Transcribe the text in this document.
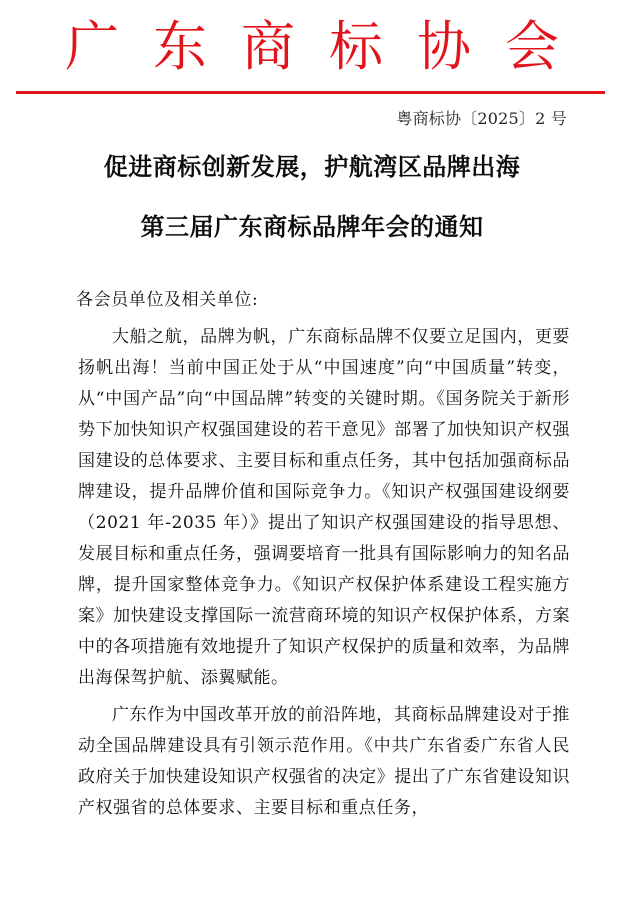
广 东 商 标 协 会
粤商标协〔2025〕2 号
促进商标创新发展，护航湾区品牌出海
第三届广东商标品牌年会的通知
各会员单位及相关单位:

大船之航，品牌为帆，广东商标品牌不仅要立足国内，更要扬帆出海！当前中国正处于从“中国速度”向“中国质量”转变，从“中国产品”向“中国品牌”转变的关键时期。《国务院关于新形势下加快知识产权强国建设的若干意见》部署了加快知识产权强国建设的总体要求、主要目标和重点任务，其中包括加强商标品牌建设，提升品牌价值和国际竞争力。《知识产权强国建设纲要（2021 年-2035 年）》提出了知识产权强国建设的指导思想、发展目标和重点任务，强调要培育一批具有国际影响力的知名品牌，提升国家整体竞争力。《知识产权保护体系建设工程实施方案》加快建设支撑国际一流营商环境的知识产权保护体系，方案中的各项措施有效地提升了知识产权保护的质量和效率，为品牌出海保驾护航、添翼赋能。

广东作为中国改革开放的前沿阵地，其商标品牌建设对于推动全国品牌建设具有引领示范作用。《中共广东省委广东省人民政府关于加快建设知识产权强省的决定》提出了广东省建设知识产权强省的总体要求、主要目标和重点任务，
